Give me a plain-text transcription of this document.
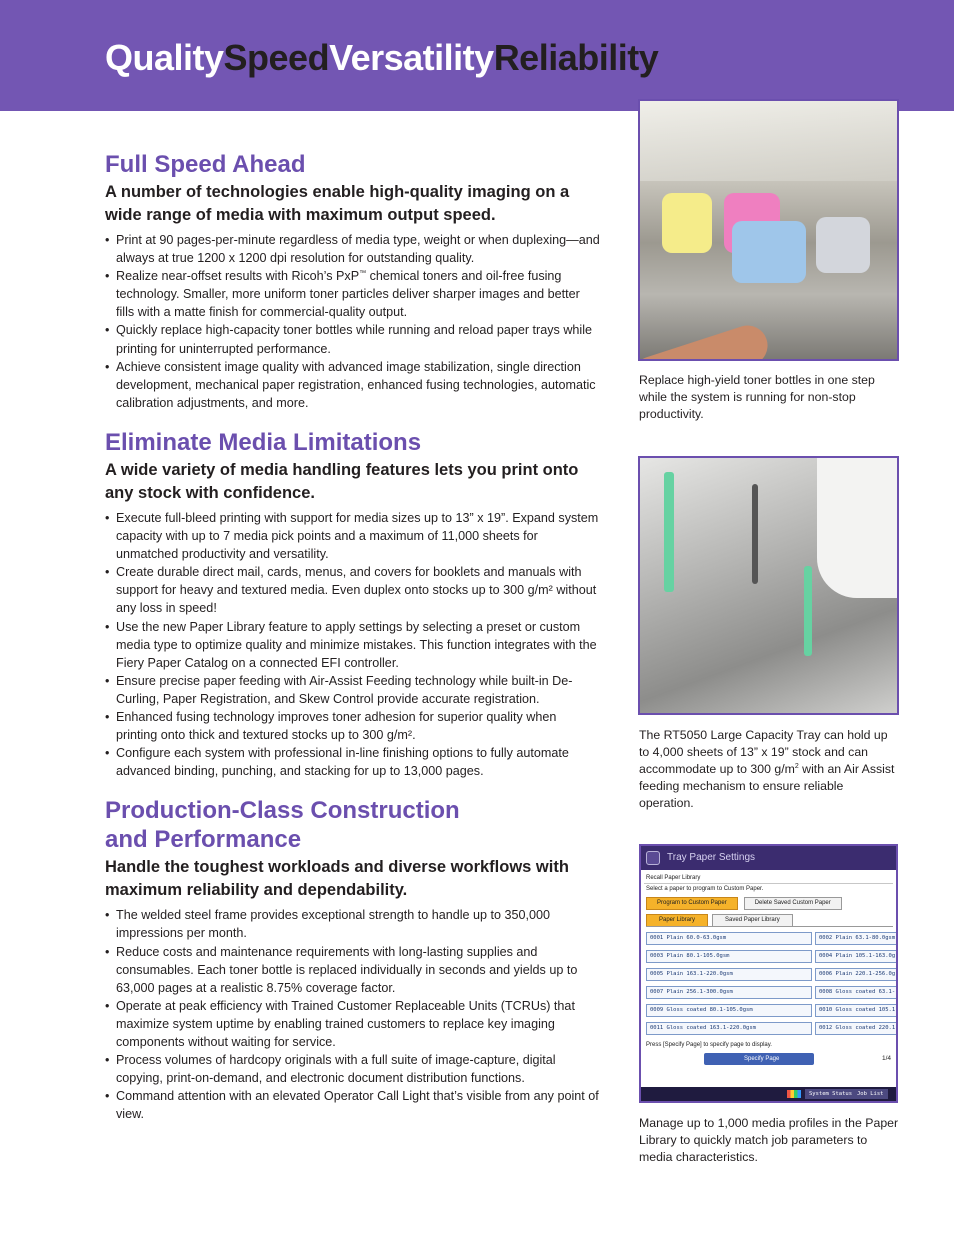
QualitySpeedVersatilityReliability
Full Speed Ahead

A number of technologies enable high-quality imaging on a wide range of media with maximum output speed.

• Print at 90 pages-per-minute regardless of media type, weight or when duplexing—and always at true 1200 x 1200 dpi resolution for outstanding quality.
• Realize near-offset results with Ricoh’s PxP™ chemical toners and oil-free fusing technology. Smaller, more uniform toner particles deliver sharper images and better fills with a matte finish for commercial-quality output.
• Quickly replace high-capacity toner bottles while running and reload paper trays while printing for uninterrupted performance.
• Achieve consistent image quality with advanced image stabilization, single direction development, mechanical paper registration, enhanced fusing technologies, automatic calibration adjustments, and more.
Eliminate Media Limitations

A wide variety of media handling features lets you print onto any stock with confidence.

• Execute full-bleed printing with support for media sizes up to 13” x 19”. Expand system capacity with up to 7 media pick points and a maximum of 11,000 sheets for unmatched productivity and versatility.
• Create durable direct mail, cards, menus, and covers for booklets and manuals with support for heavy and textured media. Even duplex onto stocks up to 300 g/m² without any loss in speed!
• Use the new Paper Library feature to apply settings by selecting a preset or custom media type to optimize quality and minimize mistakes. This function integrates with the Fiery Paper Catalog on a connected EFI controller.
• Ensure precise paper feeding with Air-Assist Feeding technology while built-in De-Curling, Paper Registration, and Skew Control provide accurate registration.
• Enhanced fusing technology improves toner adhesion for superior quality when printing onto thick and textured stocks up to 300 g/m².
• Configure each system with professional in-line finishing options to fully automate advanced binding, punching, and stacking for up to 13,000 pages.
Production-Class Construction and Performance

Handle the toughest workloads and diverse workflows with maximum reliability and dependability.

• The welded steel frame provides exceptional strength to handle up to 350,000 impressions per month.
• Reduce costs and maintenance requirements with long-lasting supplies and consumables. Each toner bottle is replaced individually in seconds and yields up to 63,000 pages at a realistic 8.75% coverage factor.
• Operate at peak efficiency with Trained Customer Replaceable Units (TCRUs) that maximize system uptime by enabling trained customers to replace key imaging components without waiting for service.
• Process volumes of hardcopy originals with a full suite of image-capture, digital copying, print-on-demand, and electronic document distribution functions.
• Command attention with an elevated Operator Call Light that’s visible from any point of view.

Replace high-yield toner bottles in one step while the system is running for non-stop productivity.

The RT5050 Large Capacity Tray can hold up to 4,000 sheets of 13” x 19” stock and can accommodate up to 300 $g/m^2$ with an Air Assist feeding mechanism to ensure reliable operation.

Tray Paper Settings
Recall Paper Library
Select a paper to program to Custom Paper.
Program to Custom Paper	Delete Saved Custom Paper
Paper Library	Saved Paper Library
0001 Plain 60.0-63.0gsm	0002 Plain 63.1-80.0gsm
0003 Plain 80.1-105.0gsm	0004 Plain 105.1-163.0g
0005 Plain 163.1-220.0gsm	0006 Plain 220.1-256.0g
0007 Plain 256.1-300.0gsm	0008 Gloss coated 63.1-
0009 Gloss coated 80.1-105.0gsm	0010 Gloss coated 105.1
0011 Gloss coated 163.1-220.0gsm	0012 Gloss coated 220.1
Press [Specify Page] to specify page to display.
Specify Page	1/4
System Status Job List

Manage up to 1,000 media profiles in the Paper Library to quickly match job parameters to media characteristics.
